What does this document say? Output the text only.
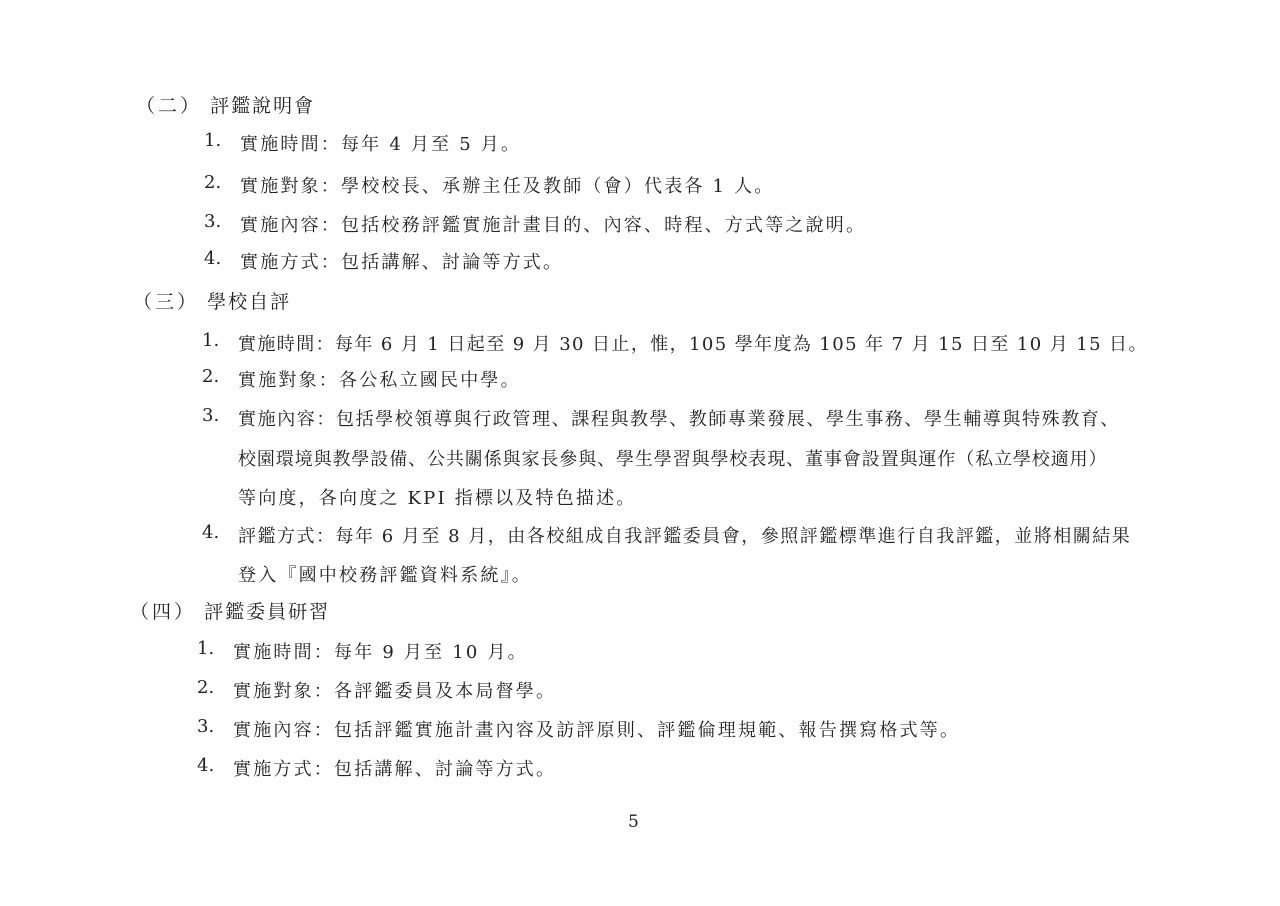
（二） 評鑑說明會
1. 實施時間：每年 4 月至 5 月。
2. 實施對象：學校校長、承辦主任及教師（會）代表各 1 人。
3. 實施內容：包括校務評鑑實施計畫目的、內容、時程、方式等之說明。
4. 實施方式：包括講解、討論等方式。
（三） 學校自評
1. 實施時間：每年 6 月 1 日起至 9 月 30 日止，惟，105 學年度為 105 年 7 月 15 日至 10 月 15 日。
2. 實施對象：各公私立國民中學。
3. 實施內容：包括學校領導與行政管理、課程與教學、教師專業發展、學生事務、學生輔導與特殊教育、
校園環境與教學設備、公共關係與家長參與、學生學習與學校表現、董事會設置與運作（私立學校適用）
等向度，各向度之 KPI 指標以及特色描述。
4. 評鑑方式：每年 6 月至 8 月，由各校組成自我評鑑委員會，參照評鑑標準進行自我評鑑，並將相關結果
登入『國中校務評鑑資料系統』。
（四） 評鑑委員研習
1. 實施時間：每年 9 月至 10 月。
2. 實施對象：各評鑑委員及本局督學。
3. 實施內容：包括評鑑實施計畫內容及訪評原則、評鑑倫理規範、報告撰寫格式等。
4. 實施方式：包括講解、討論等方式。
5
